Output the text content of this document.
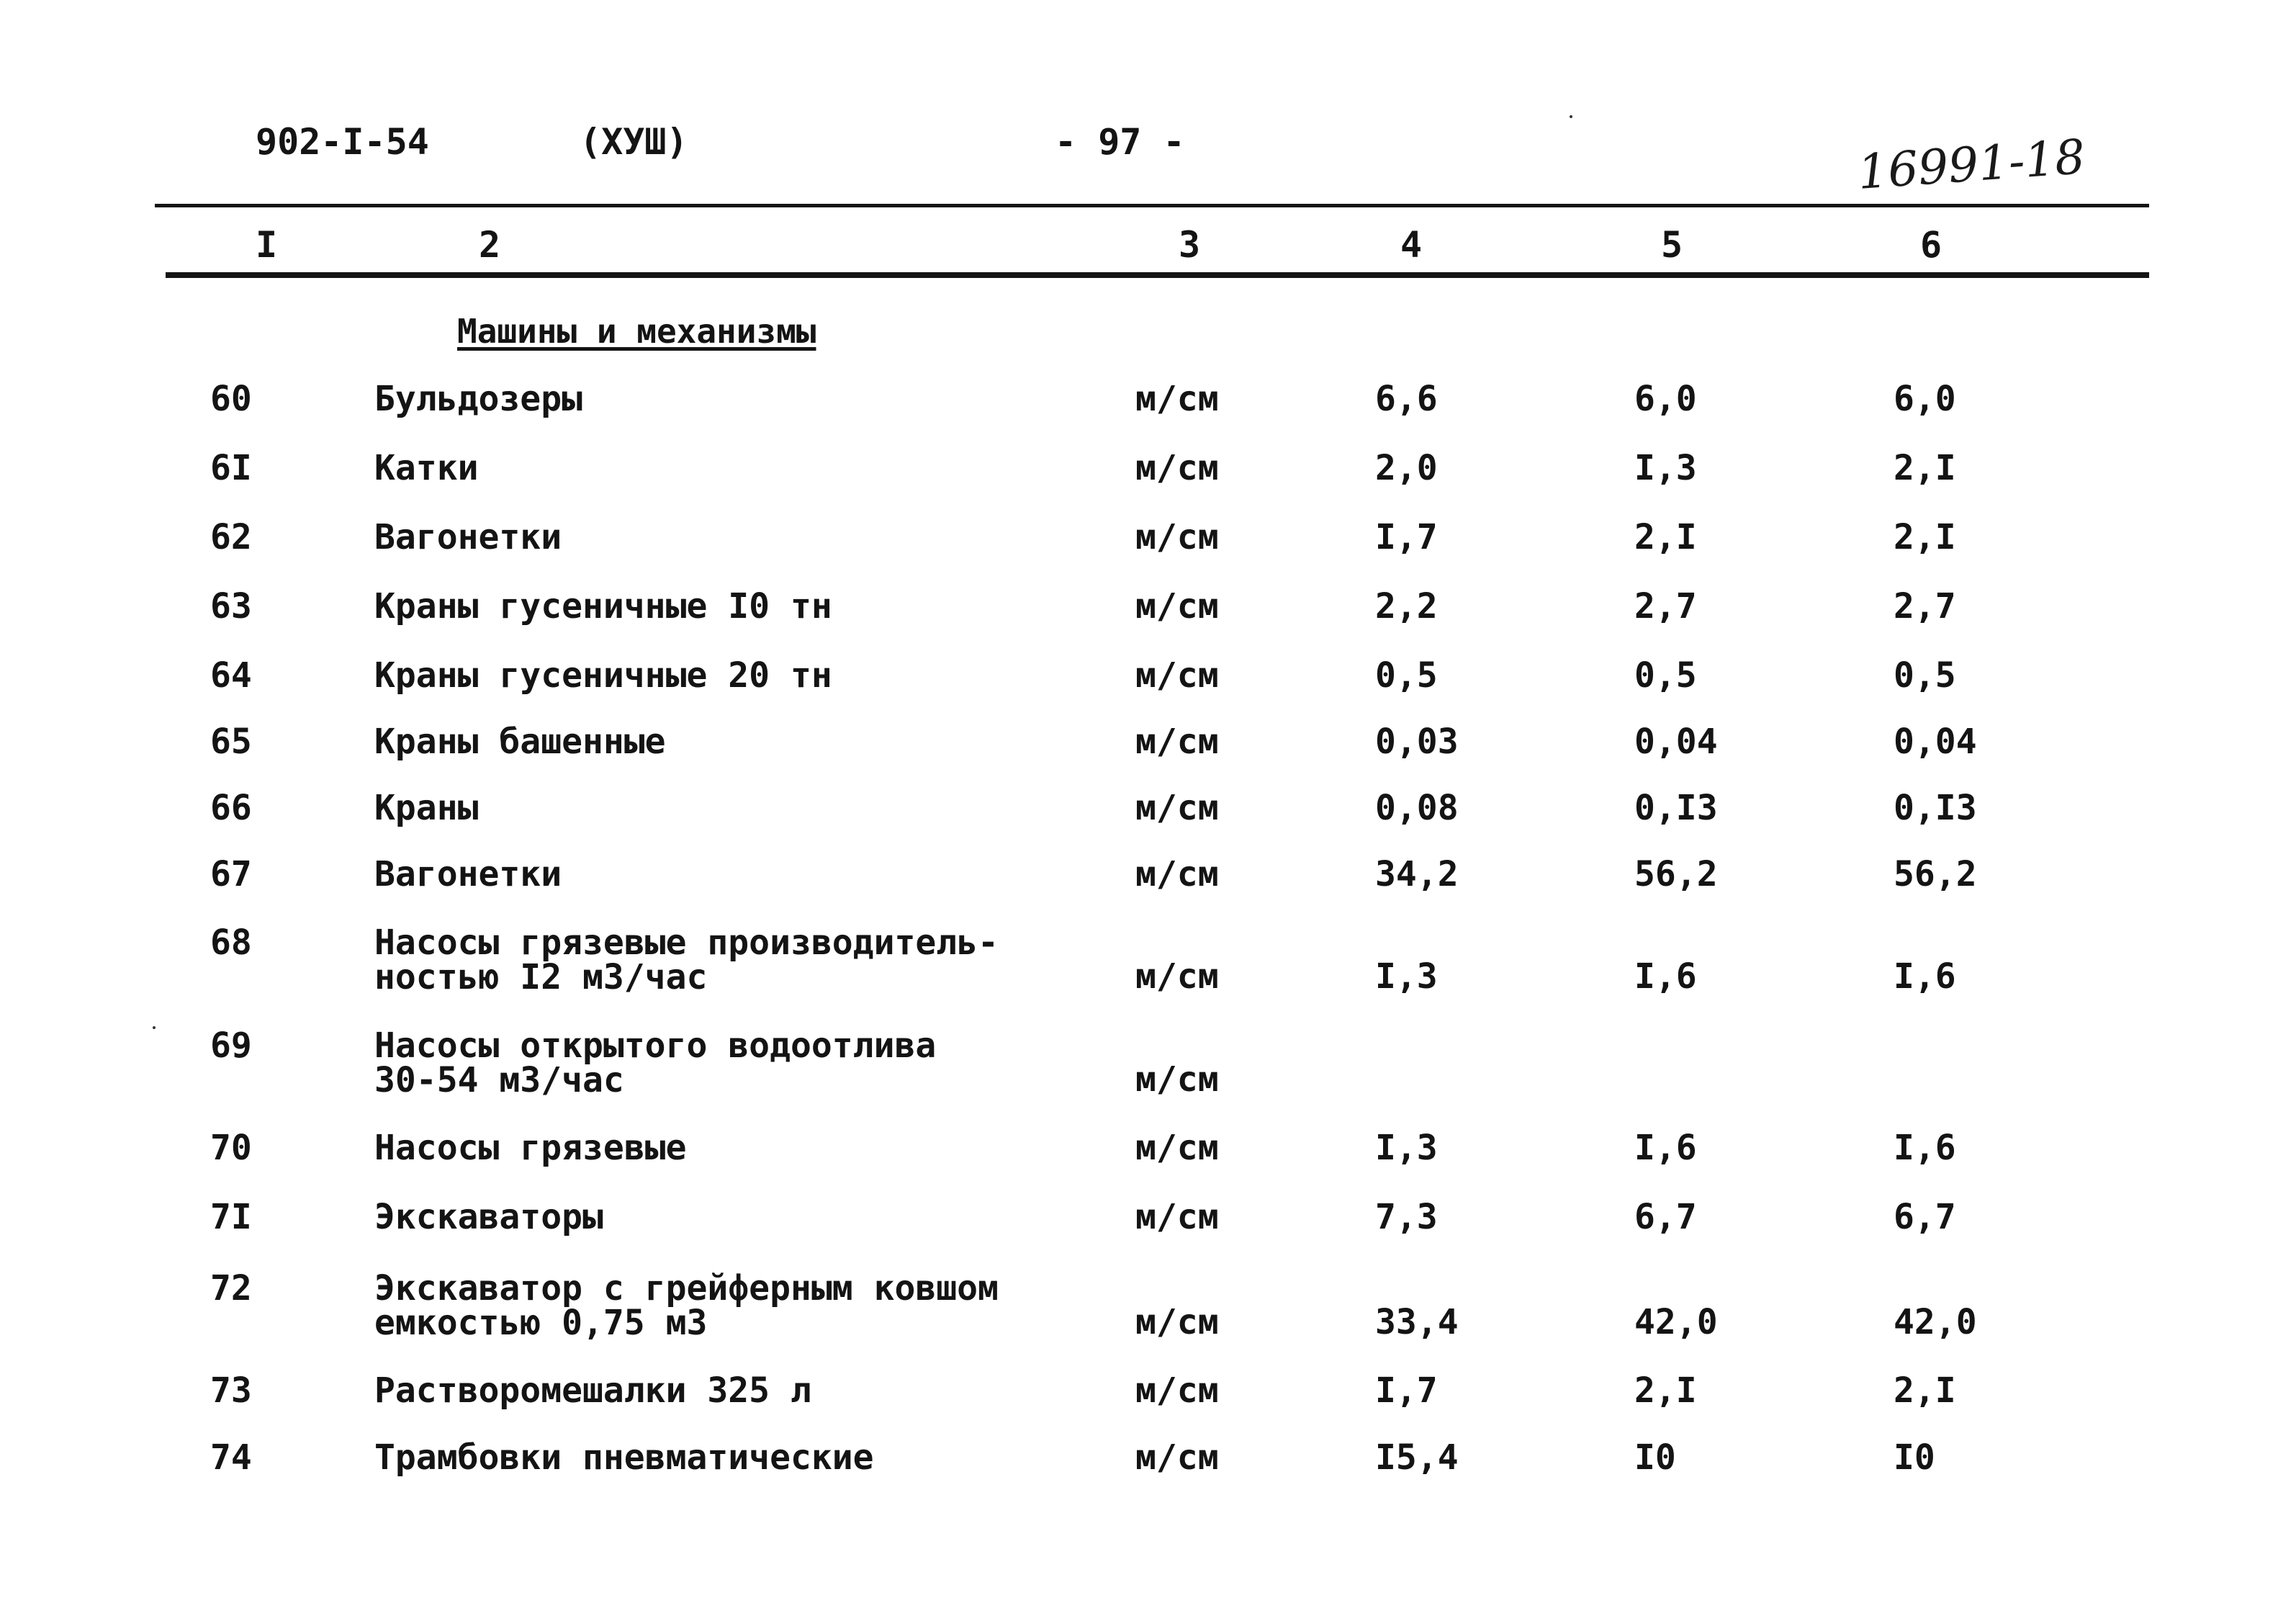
902-I-54	(ХУШ)	- 97 -	16991-18
I	2	3	4	5	6
Машины и механизмы
60	Бульдозеры	м/см	6,6	6,0	6,0
6I	Катки	м/см	2,0	I,3	2,I
62	Вагонетки	м/см	I,7	2,I	2,I
63	Краны гусеничные I0 тн	м/см	2,2	2,7	2,7
64	Краны гусеничные 20 тн	м/см	0,5	0,5	0,5
65	Краны башенные	м/см	0,03	0,04	0,04
66	Краны	м/см	0,08	0,I3	0,I3
67	Вагонетки	м/см	34,2	56,2	56,2
68	Насосы грязевые производитель-
ностью I2 м3/час	м/см	I,3	I,6	I,6
69	Насосы открытого водоотлива
30-54 м3/час	м/см
70	Насосы грязевые	м/см	I,3	I,6	I,6
7I	Экскаваторы	м/см	7,3	6,7	6,7
72	Экскаватор с грейферным ковшом
емкостью 0,75 м3	м/см	33,4	42,0	42,0
73	Растворомешалки 325 л	м/см	I,7	2,I	2,I
74	Трамбовки пневматические	м/см	I5,4	I0	I0
